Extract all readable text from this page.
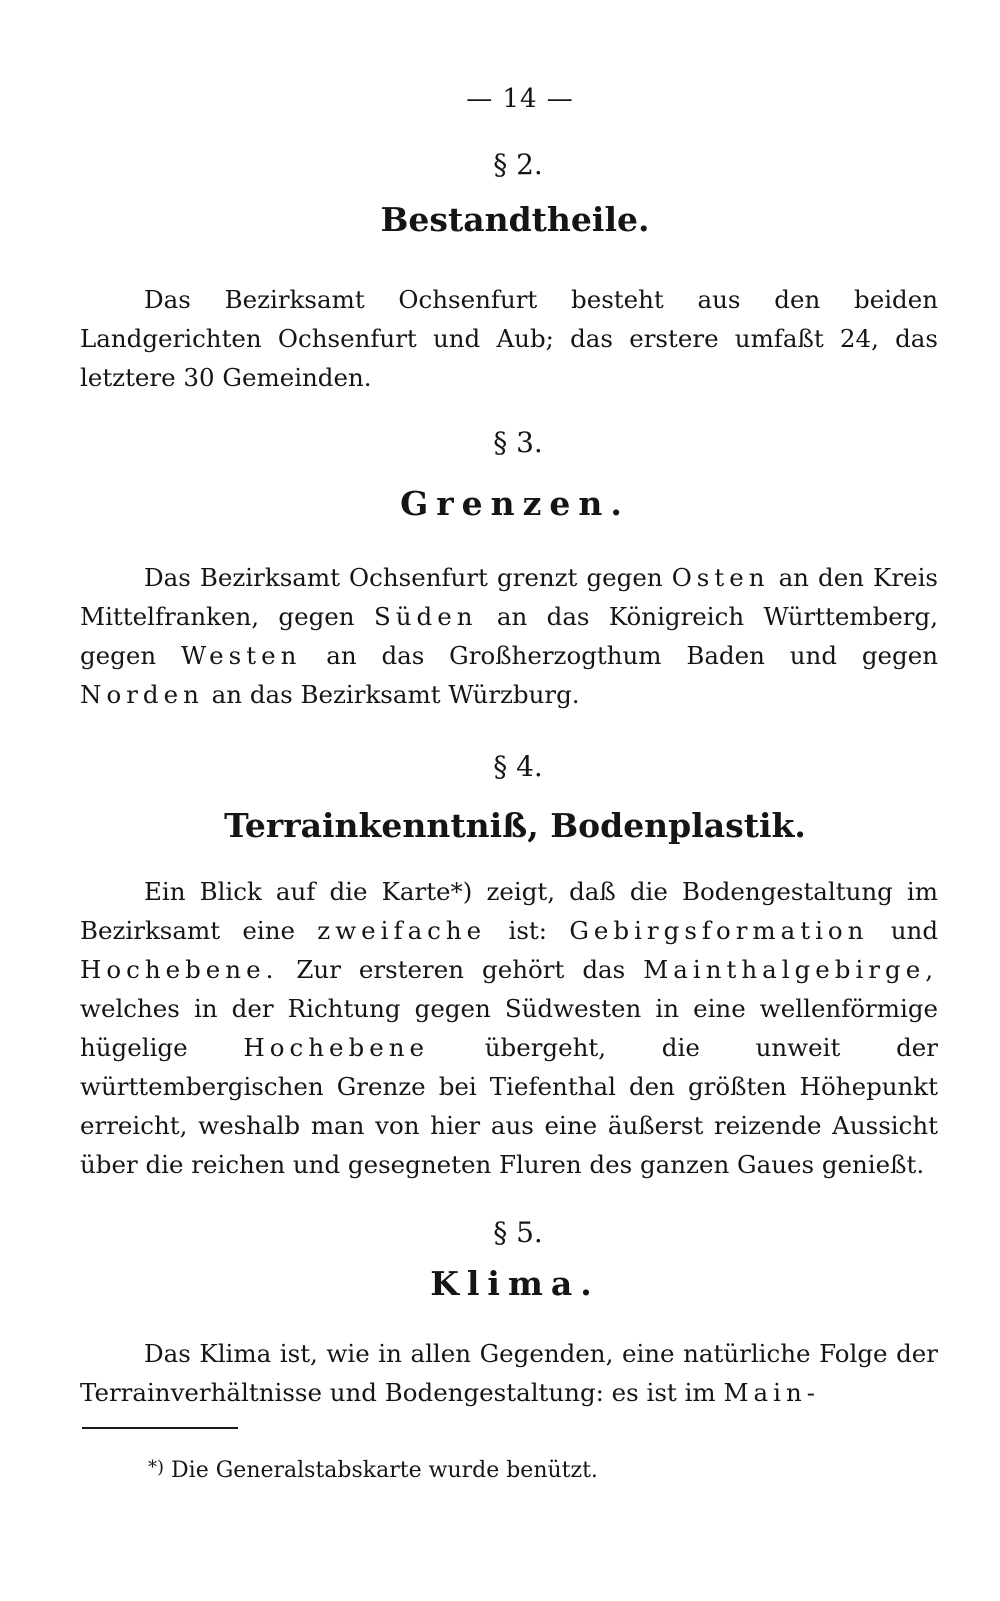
— 14 —
§ 2.
Bestandtheile.

Das Bezirksamt Ochsenfurt besteht aus den beiden Landgerichten Ochsenfurt und Aub; das erstere umfaßt 24, das letztere 30 Gemeinden.

§ 3.
Grenzen.

Das Bezirksamt Ochsenfurt grenzt gegen Osten an den Kreis Mittelfranken, gegen Süden an das Königreich Württemberg, gegen Westen an das Großherzogthum Baden und gegen Norden an das Bezirksamt Würzburg.

§ 4.
Terrainkenntniß, Bodenplastik.

Ein Blick auf die Karte*) zeigt, daß die Bodengestaltung im Bezirksamt eine zweifache ist: Gebirgsformation und Hochebene. Zur ersteren gehört das Mainthalgebirge, welches in der Richtung gegen Südwesten in eine wellenförmige hügelige Hochebene übergeht, die unweit der württembergischen Grenze bei Tiefenthal den größten Höhepunkt erreicht, weshalb man von hier aus eine äußerst reizende Aussicht über die reichen und gesegneten Fluren des ganzen Gaues genießt.

§ 5.
Klima.

Das Klima ist, wie in allen Gegenden, eine natürliche Folge der Terrainverhältnisse und Bodengestaltung: es ist im Main-

*) Die Generalstabskarte wurde benützt.
